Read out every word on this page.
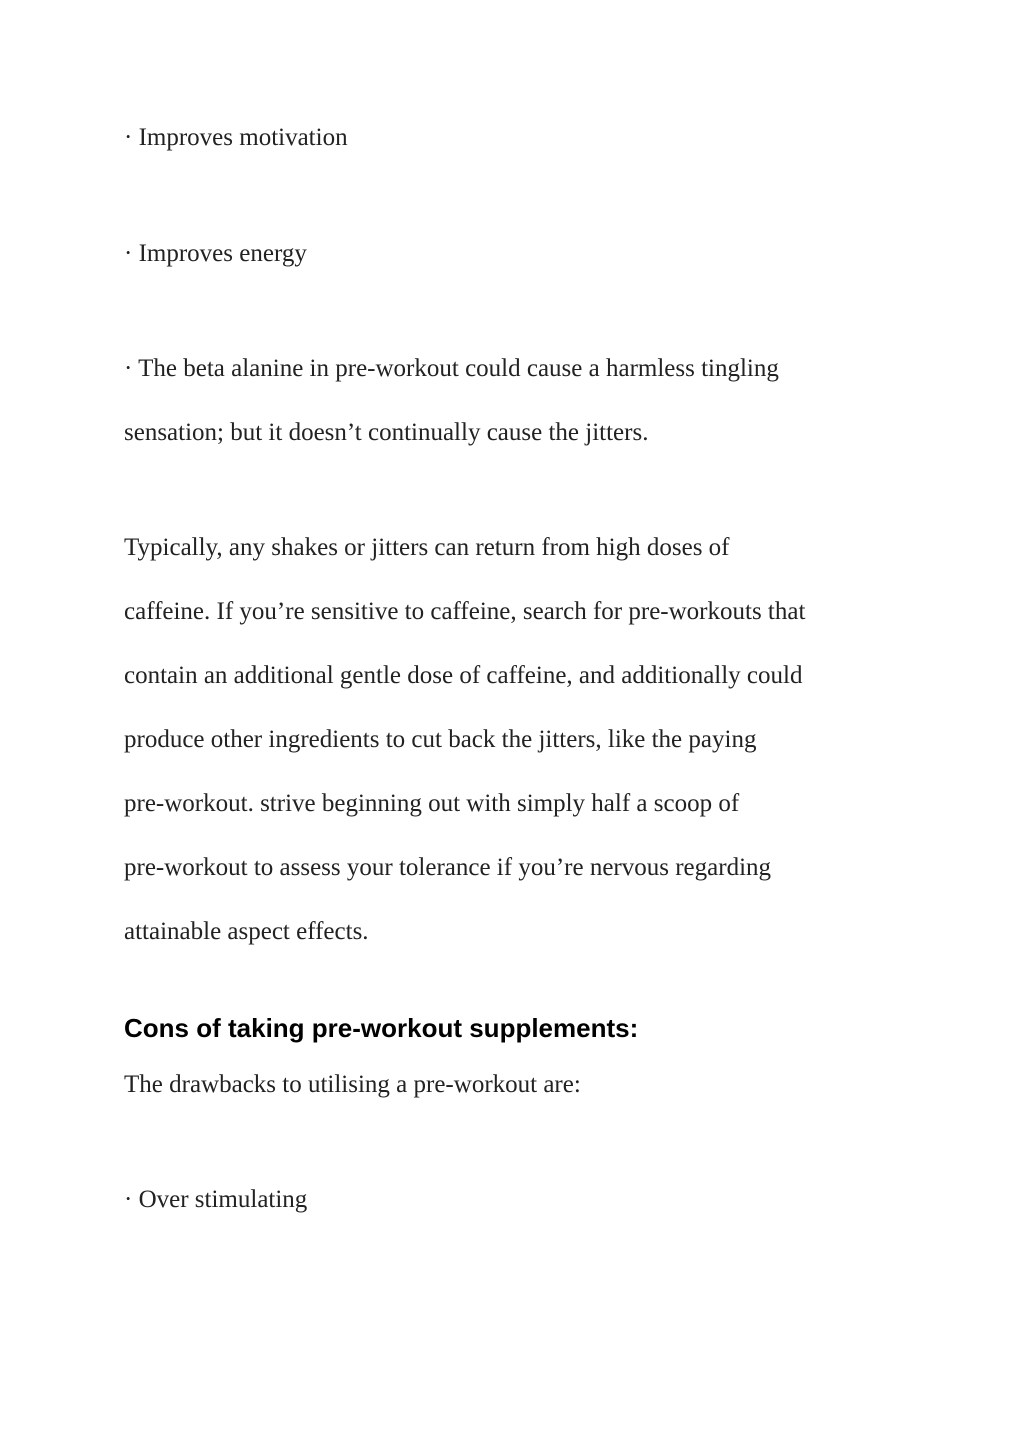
· Improves motivation

· Improves energy

· The beta alanine in pre-workout could cause a harmless tingling
sensation; but it doesn’t continually cause the jitters.

Typically, any shakes or jitters can return from high doses of
caffeine. If you’re sensitive to caffeine, search for pre-workouts that
contain an additional gentle dose of caffeine, and additionally could
produce other ingredients to cut back the jitters, like the paying
pre-workout. strive beginning out with simply half a scoop of
pre-workout to assess your tolerance if you’re nervous regarding
attainable aspect effects.

Cons of taking pre-workout supplements:

The drawbacks to utilising a pre-workout are:

· Over stimulating
